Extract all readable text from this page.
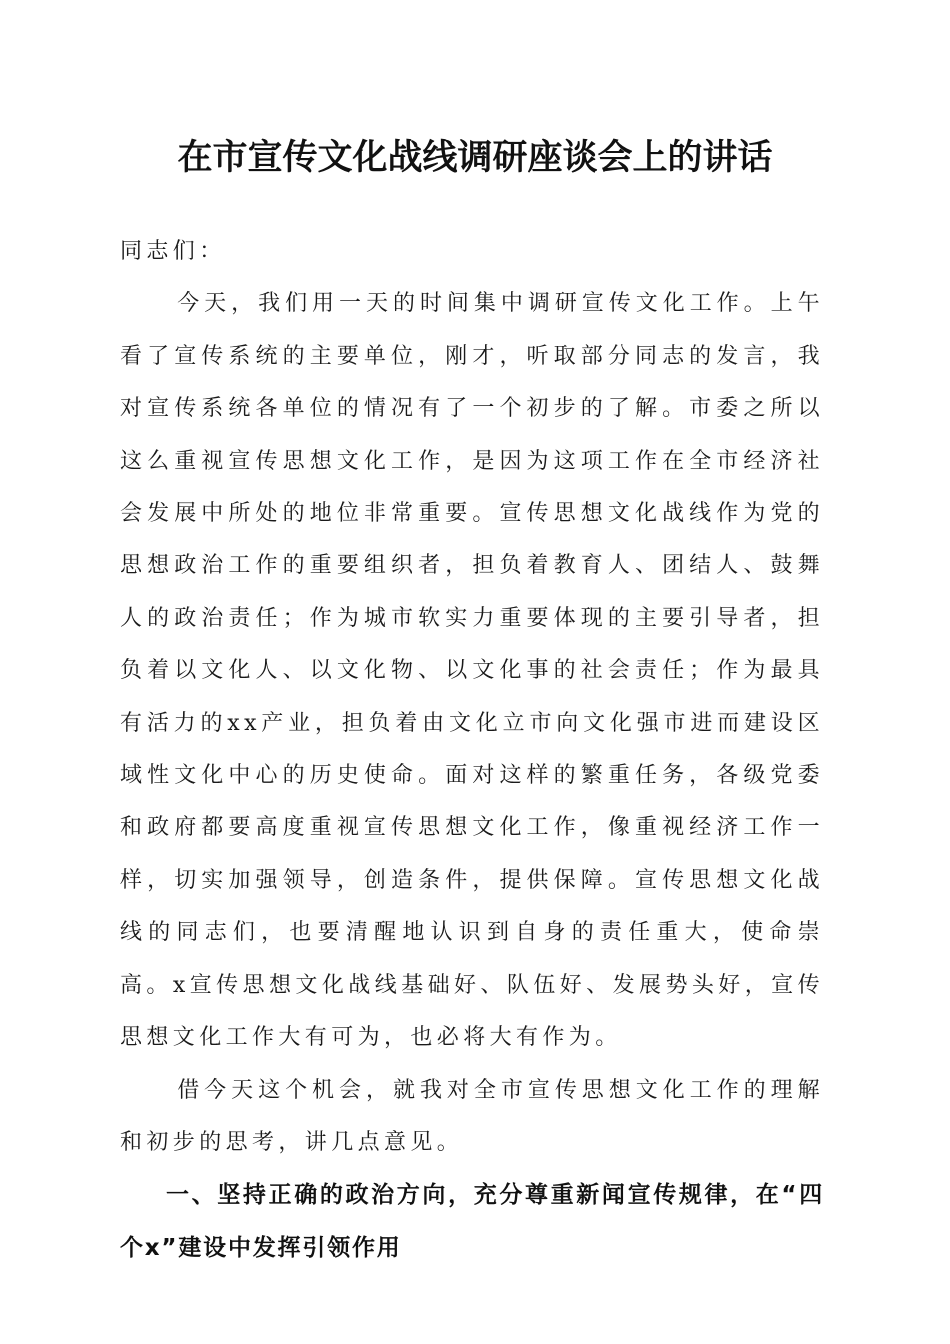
在市宣传文化战线调研座谈会上的讲话

同志们：

今天，我们用一天的时间集中调研宣传文化工作。上午看了宣传系统的主要单位，刚才，听取部分同志的发言，我对宣传系统各单位的情况有了一个初步的了解。市委之所以这么重视宣传思想文化工作，是因为这项工作在全市经济社会发展中所处的地位非常重要。宣传思想文化战线作为党的思想政治工作的重要组织者，担负着教育人、团结人、鼓舞人的政治责任；作为城市软实力重要体现的主要引导者，担负着以文化人、以文化物、以文化事的社会责任；作为最具有活力的xx产业，担负着由文化立市向文化强市进而建设区域性文化中心的历史使命。面对这样的繁重任务，各级党委和政府都要高度重视宣传思想文化工作，像重视经济工作一样，切实加强领导，创造条件，提供保障。宣传思想文化战线的同志们，也要清醒地认识到自身的责任重大，使命崇高。x宣传思想文化战线基础好、队伍好、发展势头好，宣传思想文化工作大有可为，也必将大有作为。

借今天这个机会，就我对全市宣传思想文化工作的理解和初步的思考，讲几点意见。

一、坚持正确的政治方向，充分尊重新闻宣传规律，在“四个x”建设中发挥引领作用
